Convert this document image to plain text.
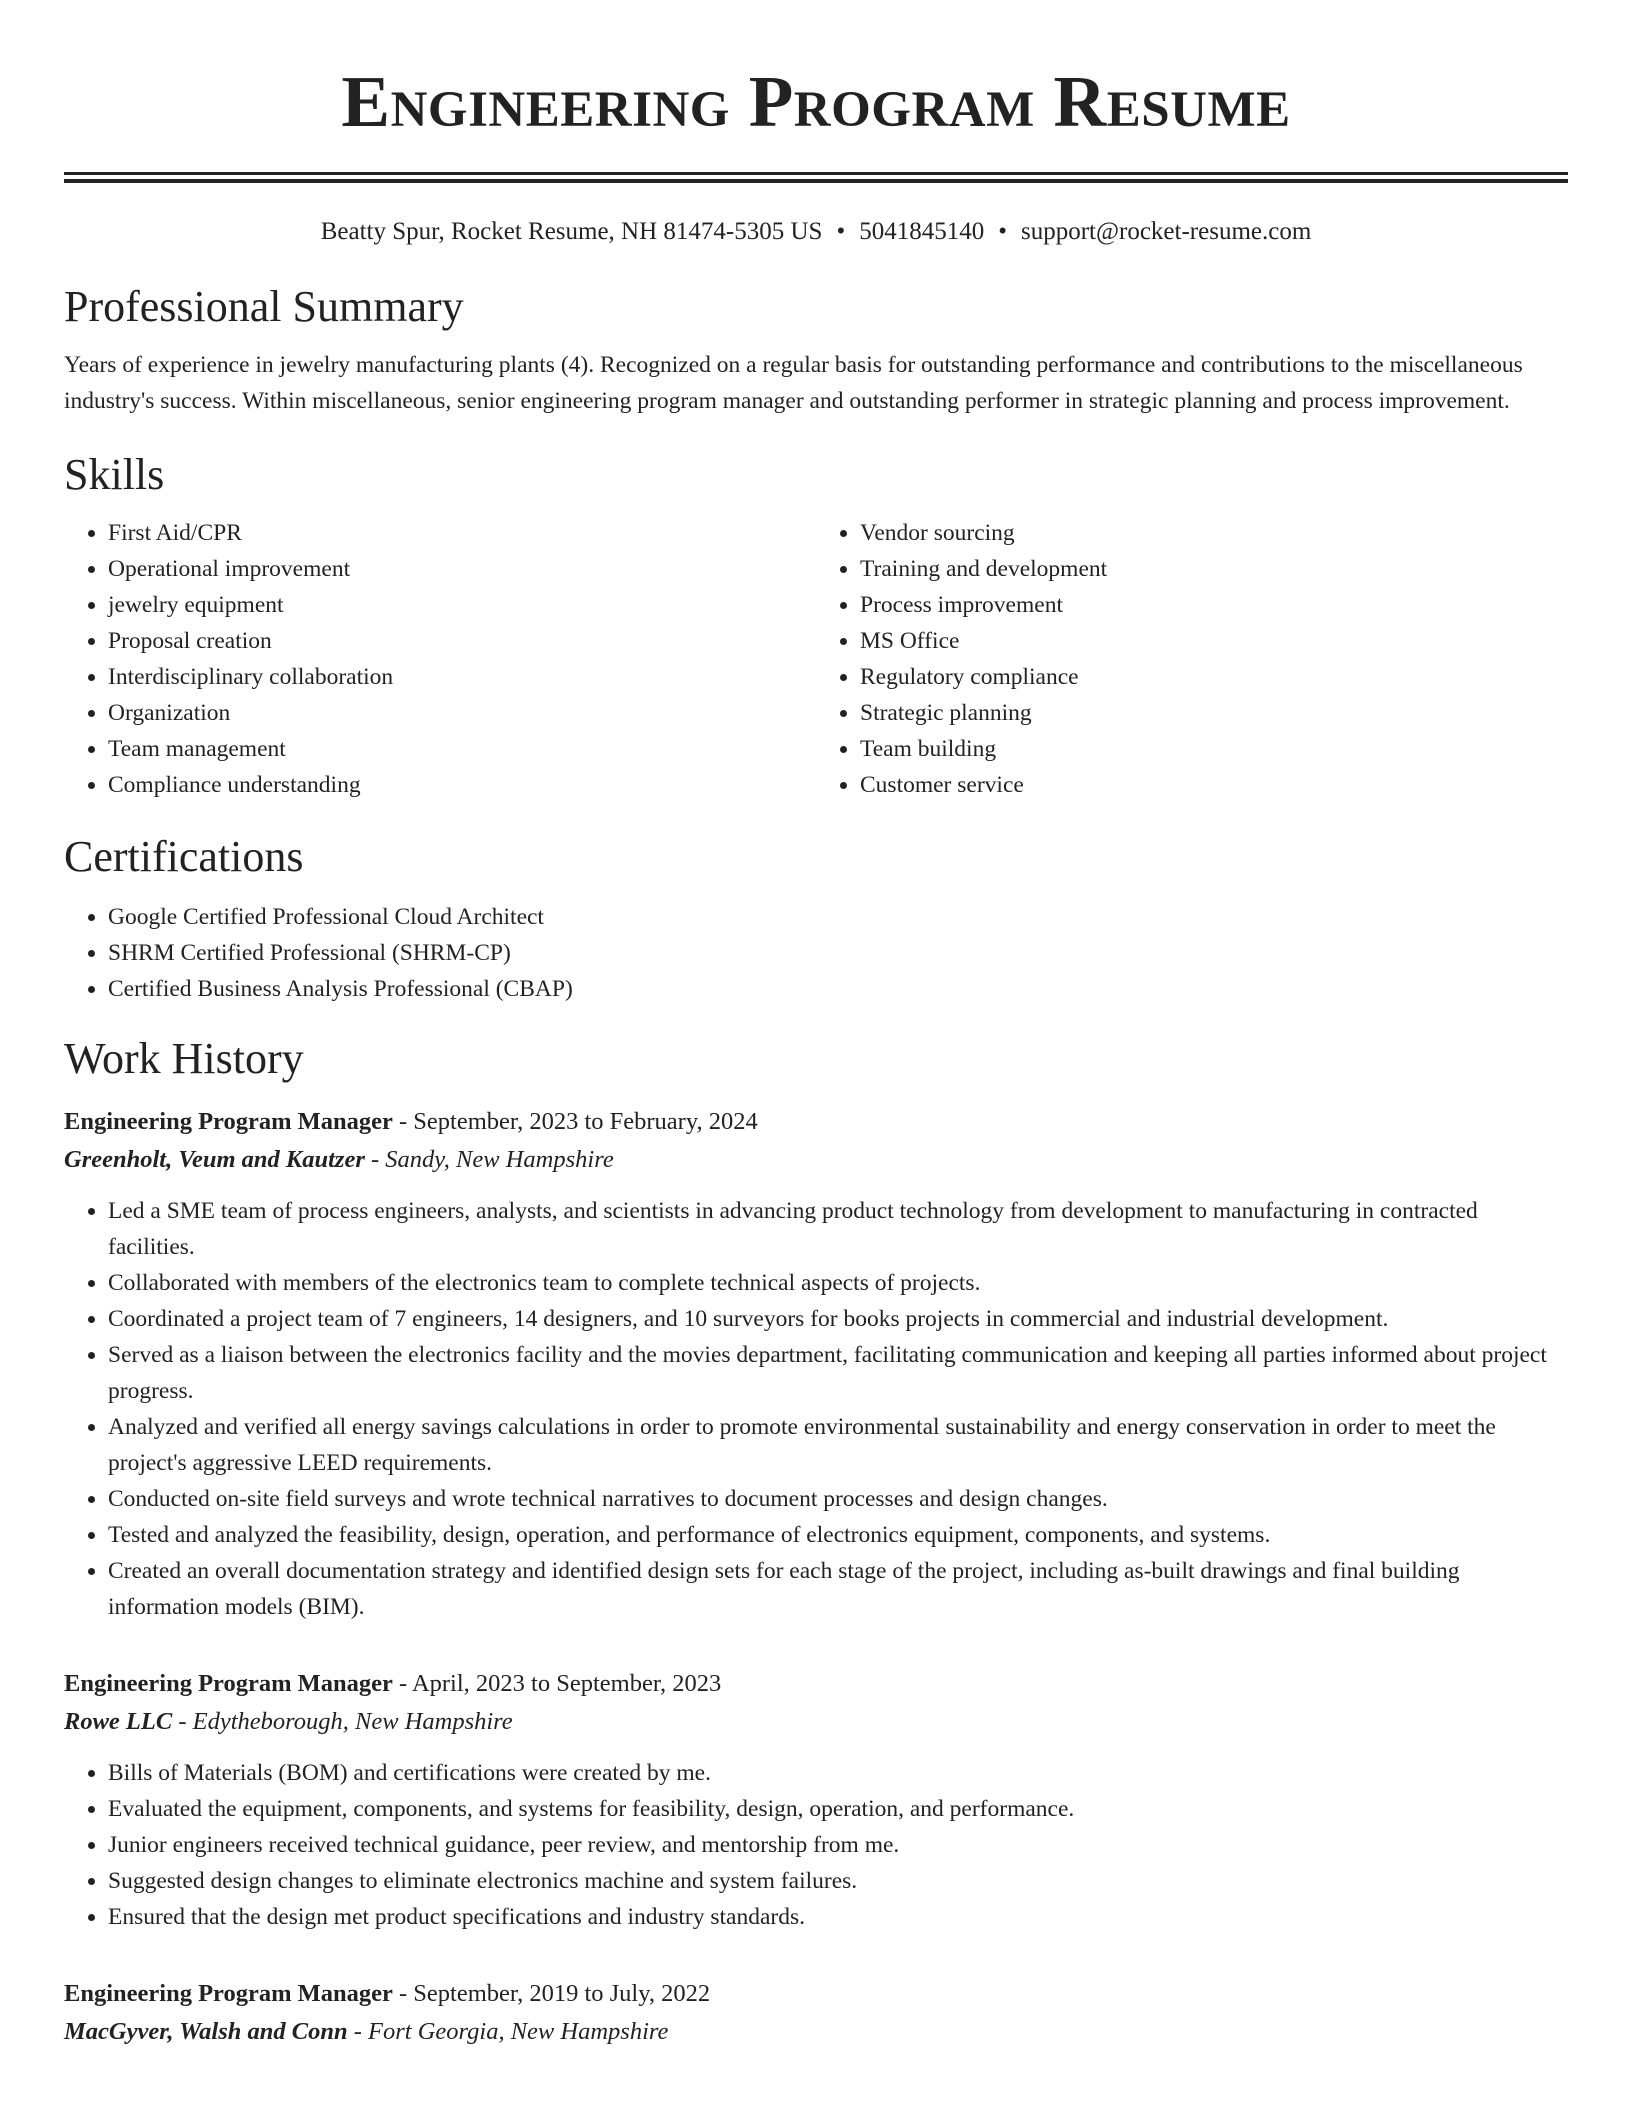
Engineering Program Resume
Beatty Spur, Rocket Resume, NH 81474-5305 US • 5041845140 • support@rocket-resume.com
Professional Summary
Years of experience in jewelry manufacturing plants (4). Recognized on a regular basis for outstanding performance and contributions to the miscellaneous industry's success. Within miscellaneous, senior engineering program manager and outstanding performer in strategic planning and process improvement.
Skills
• First Aid/CPR
• Operational improvement
• jewelry equipment
• Proposal creation
• Interdisciplinary collaboration
• Organization
• Team management
• Compliance understanding
• Vendor sourcing
• Training and development
• Process improvement
• MS Office
• Regulatory compliance
• Strategic planning
• Team building
• Customer service
Certifications
• Google Certified Professional Cloud Architect
• SHRM Certified Professional (SHRM-CP)
• Certified Business Analysis Professional (CBAP)
Work History
Engineering Program Manager - September, 2023 to February, 2024
Greenholt, Veum and Kautzer - Sandy, New Hampshire
• Led a SME team of process engineers, analysts, and scientists in advancing product technology from development to manufacturing in contracted facilities.
• Collaborated with members of the electronics team to complete technical aspects of projects.
• Coordinated a project team of 7 engineers, 14 designers, and 10 surveyors for books projects in commercial and industrial development.
• Served as a liaison between the electronics facility and the movies department, facilitating communication and keeping all parties informed about project progress.
• Analyzed and verified all energy savings calculations in order to promote environmental sustainability and energy conservation in order to meet the project's aggressive LEED requirements.
• Conducted on-site field surveys and wrote technical narratives to document processes and design changes.
• Tested and analyzed the feasibility, design, operation, and performance of electronics equipment, components, and systems.
• Created an overall documentation strategy and identified design sets for each stage of the project, including as-built drawings and final building information models (BIM).
Engineering Program Manager - April, 2023 to September, 2023
Rowe LLC - Edytheborough, New Hampshire
• Bills of Materials (BOM) and certifications were created by me.
• Evaluated the equipment, components, and systems for feasibility, design, operation, and performance.
• Junior engineers received technical guidance, peer review, and mentorship from me.
• Suggested design changes to eliminate electronics machine and system failures.
• Ensured that the design met product specifications and industry standards.
Engineering Program Manager - September, 2019 to July, 2022
MacGyver, Walsh and Conn - Fort Georgia, New Hampshire
